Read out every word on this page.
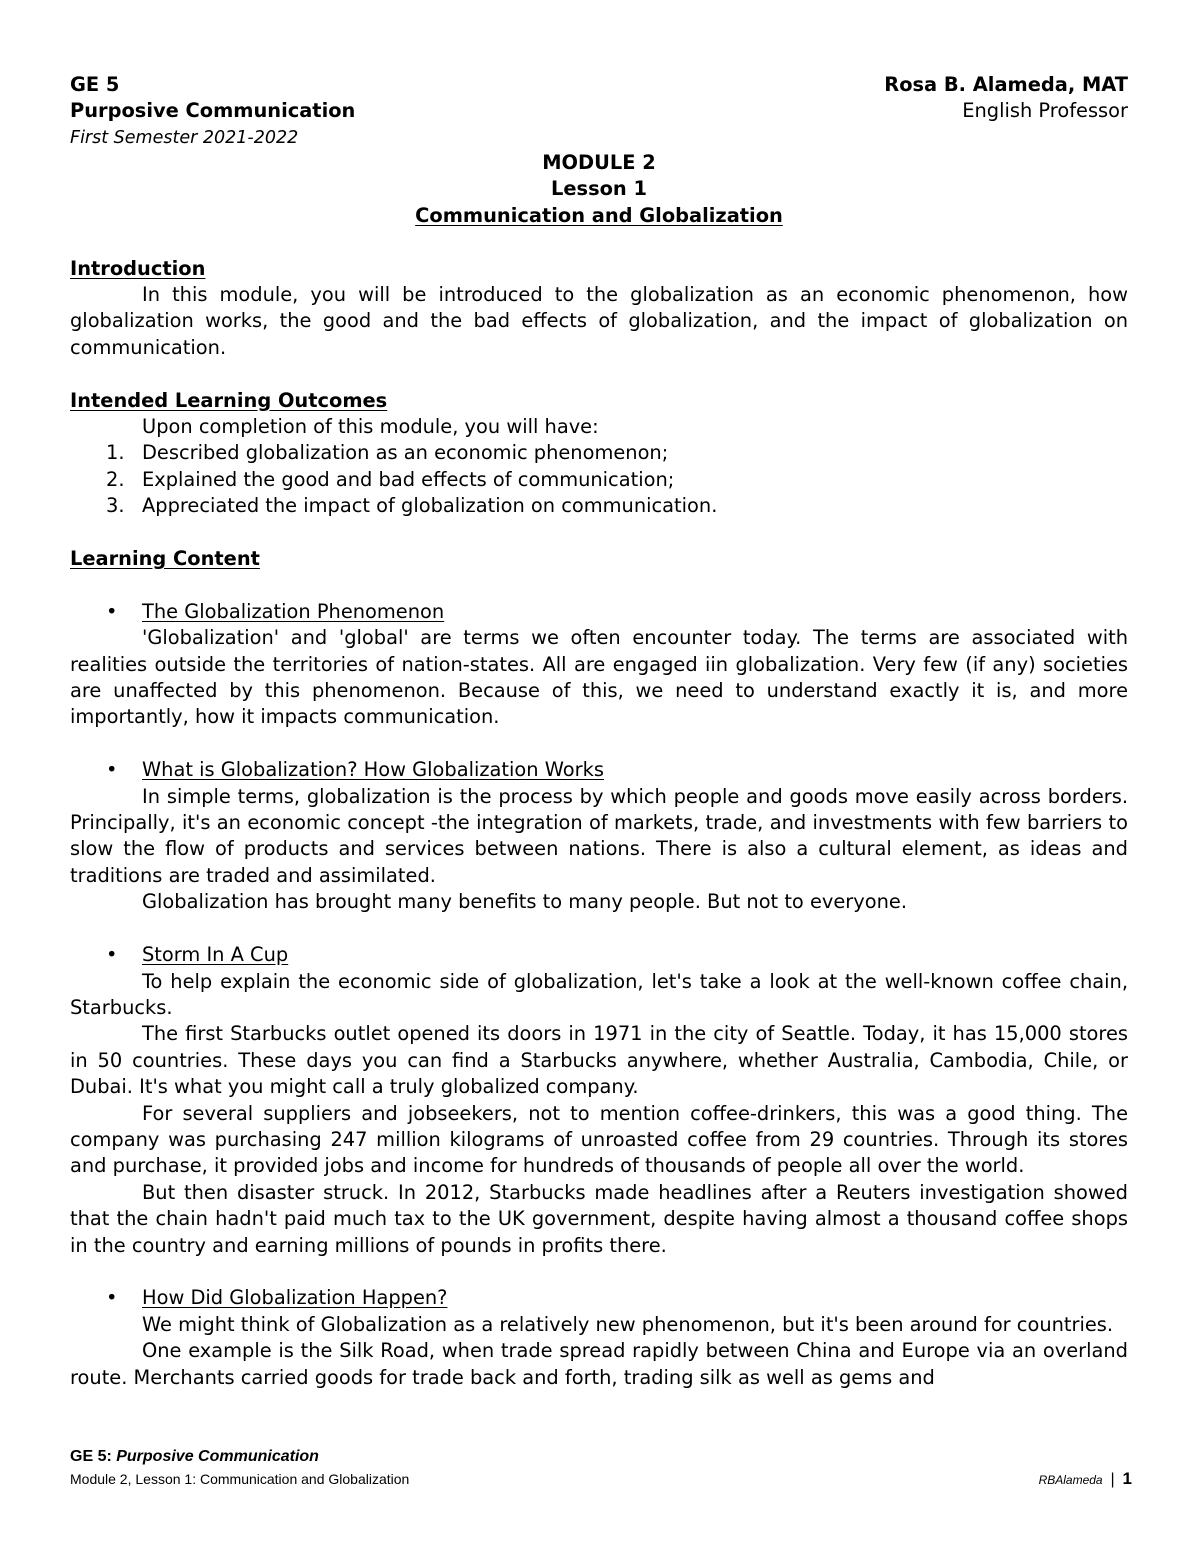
GE 5
Purposive Communication
First Semester 2021-2022
Rosa B. Alameda, MAT
English Professor
MODULE 2
Lesson 1
Communication and Globalization
Introduction

In this module, you will be introduced to the globalization as an economic phenomenon, how globalization works, the good and the bad effects of globalization, and the impact of globalization on communication.

Intended Learning Outcomes
Upon completion of this module, you will have:
1. Described globalization as an economic phenomenon;
2. Explained the good and bad effects of communication;
3. Appreciated the impact of globalization on communication.
Learning Content
• The Globalization Phenomenon

'Globalization' and 'global' are terms we often encounter today. The terms are associated with realities outside the territories of nation-states. All are engaged iin globalization. Very few (if any) societies are unaffected by this phenomenon. Because of this, we need to understand exactly it is, and more importantly, how it impacts communication.

• What is Globalization? How Globalization Works

In simple terms, globalization is the process by which people and goods move easily across borders. Principally, it's an economic concept -the integration of markets, trade, and investments with few barriers to slow the flow of products and services between nations. There is also a cultural element, as ideas and traditions are traded and assimilated.

Globalization has brought many benefits to many people. But not to everyone.

• Storm In A Cup

To help explain the economic side of globalization, let's take a look at the well-known coffee chain, Starbucks.

The first Starbucks outlet opened its doors in 1971 in the city of Seattle. Today, it has 15,000 stores in 50 countries. These days you can find a Starbucks anywhere, whether Australia, Cambodia, Chile, or Dubai. It's what you might call a truly globalized company.

For several suppliers and jobseekers, not to mention coffee-drinkers, this was a good thing. The company was purchasing 247 million kilograms of unroasted coffee from 29 countries. Through its stores and purchase, it provided jobs and income for hundreds of thousands of people all over the world.

But then disaster struck. In 2012, Starbucks made headlines after a Reuters investigation showed that the chain hadn't paid much tax to the UK government, despite having almost a thousand coffee shops in the country and earning millions of pounds in profits there.

• How Did Globalization Happen?

We might think of Globalization as a relatively new phenomenon, but it's been around for countries.

One example is the Silk Road, when trade spread rapidly between China and Europe via an overland route. Merchants carried goods for trade back and forth, trading silk as well as gems and

GE 5: Purposive Communication
Module 2, Lesson 1: Communication and Globalization	RBAlameda | 1
